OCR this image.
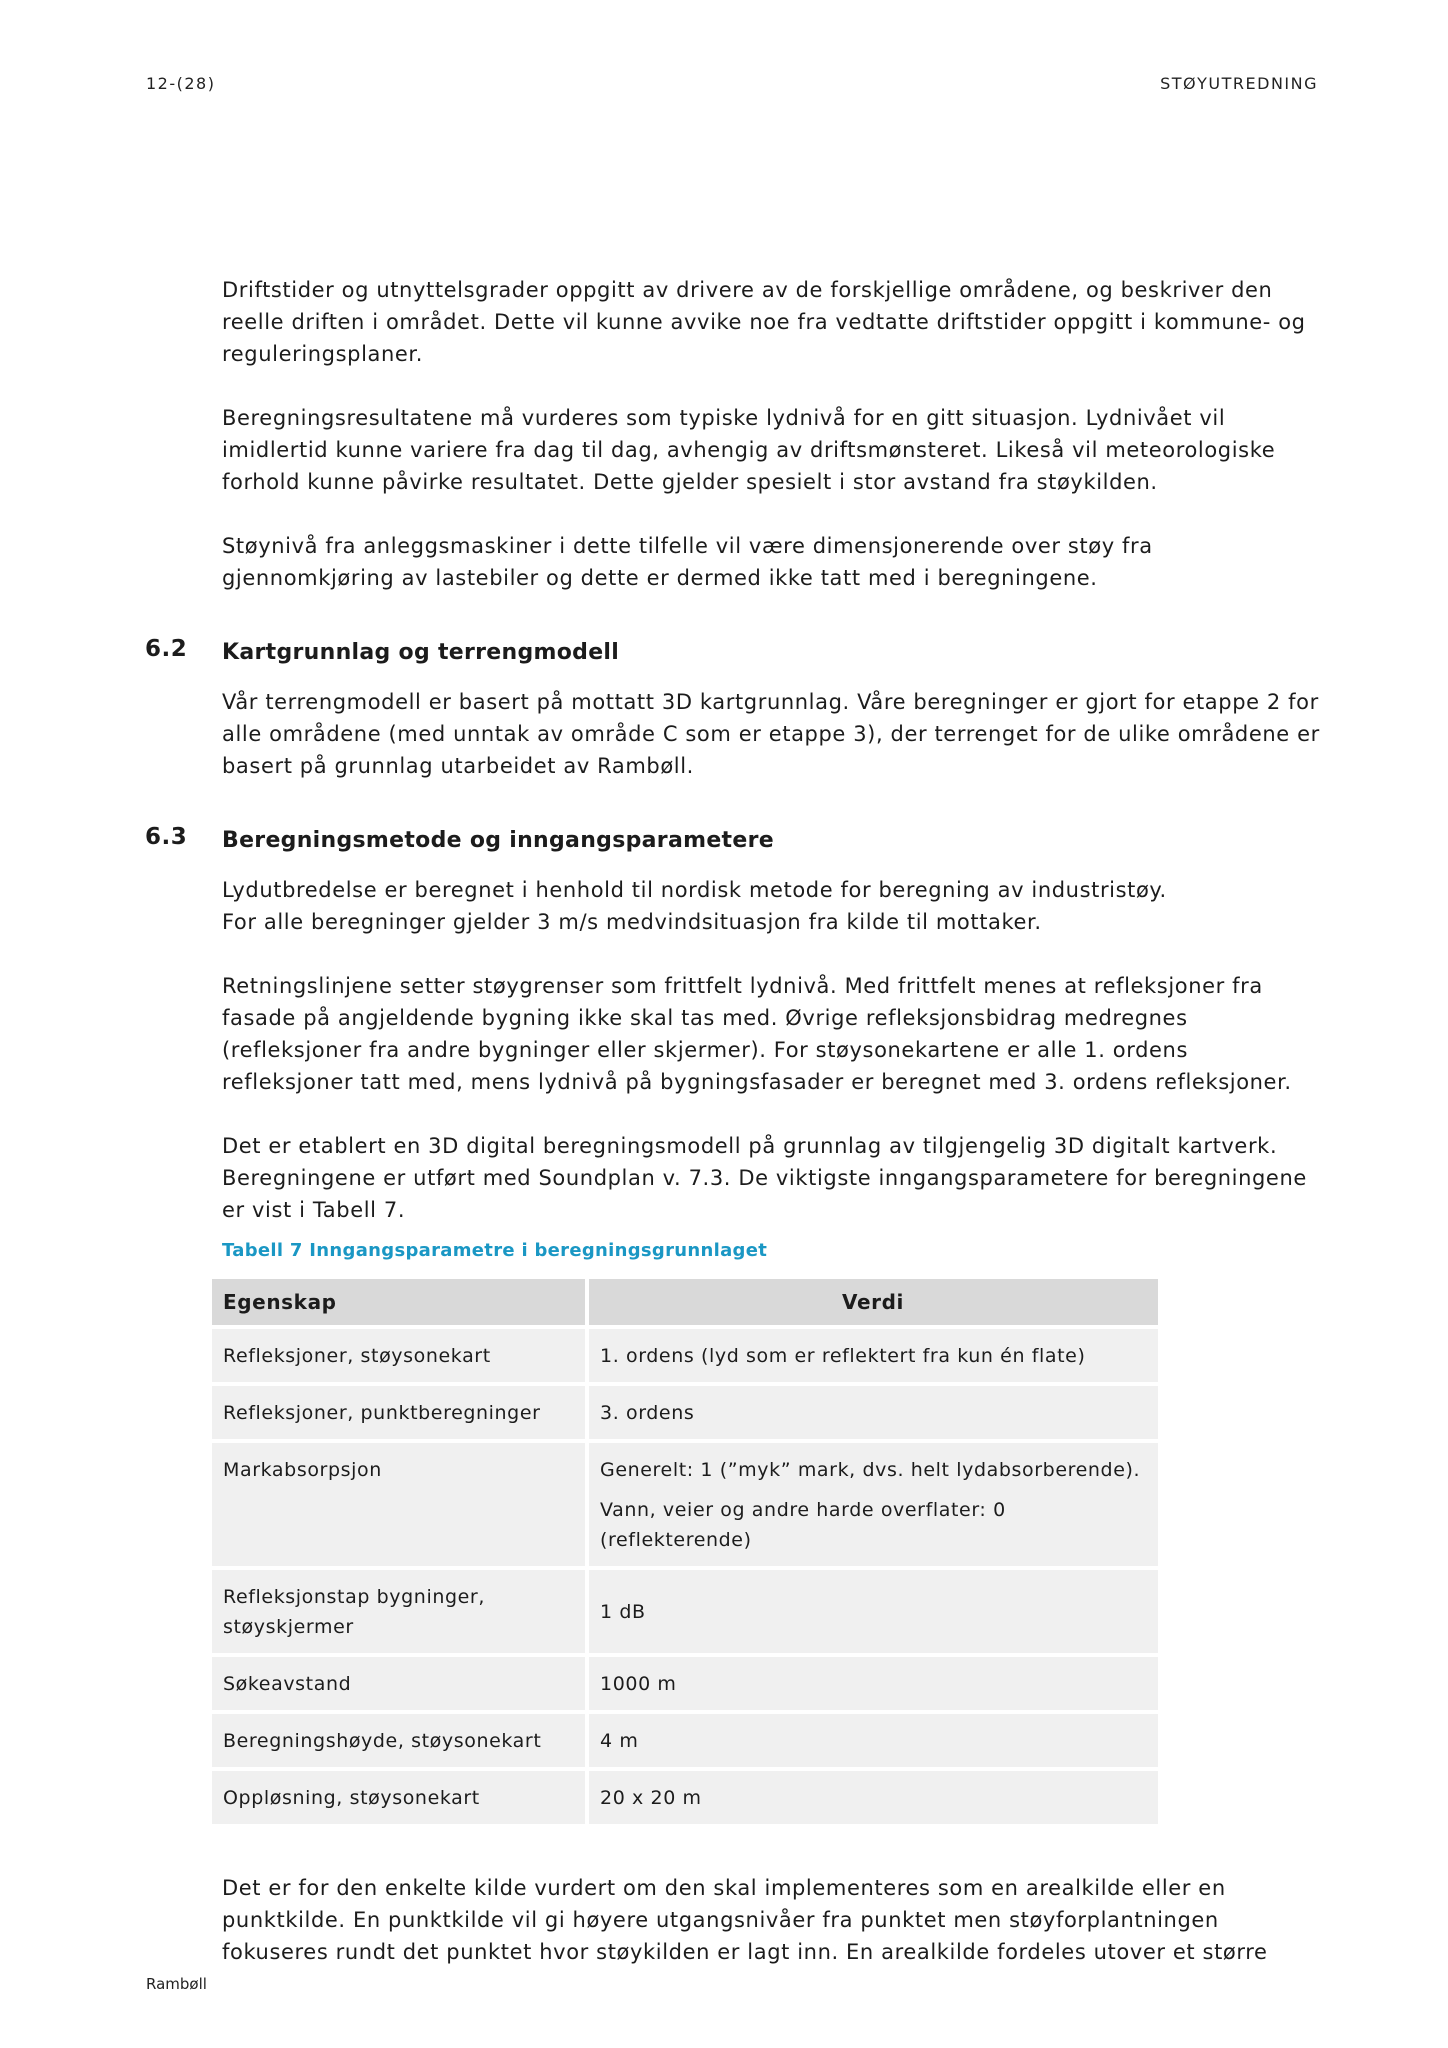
12-(28)	STØYUTREDNING

Driftstider og utnyttelsgrader oppgitt av drivere av de forskjellige områdene, og beskriver den reelle driften i området. Dette vil kunne avvike noe fra vedtatte driftstider oppgitt i kommune- og reguleringsplaner.

Beregningsresultatene må vurderes som typiske lydnivå for en gitt situasjon. Lydnivået vil imidlertid kunne variere fra dag til dag, avhengig av driftsmønsteret. Likeså vil meteorologiske forhold kunne påvirke resultatet. Dette gjelder spesielt i stor avstand fra støykilden.

Støynivå fra anleggsmaskiner i dette tilfelle vil være dimensjonerende over støy fra gjennomkjøring av lastebiler og dette er dermed ikke tatt med i beregningene.

6.2 Kartgrunnlag og terrengmodell

Vår terrengmodell er basert på mottatt 3D kartgrunnlag. Våre beregninger er gjort for etappe 2 for alle områdene (med unntak av område C som er etappe 3), der terrenget for de ulike områdene er basert på grunnlag utarbeidet av Rambøll.

6.3 Beregningsmetode og inngangsparametere

Lydutbredelse er beregnet i henhold til nordisk metode for beregning av industristøy.
For alle beregninger gjelder 3 m/s medvindsituasjon fra kilde til mottaker.

Retningslinjene setter støygrenser som frittfelt lydnivå. Med frittfelt menes at refleksjoner fra fasade på angjeldende bygning ikke skal tas med. Øvrige refleksjonsbidrag medregnes (refleksjoner fra andre bygninger eller skjermer). For støysonekartene er alle 1. ordens refleksjoner tatt med, mens lydnivå på bygningsfasader er beregnet med 3. ordens refleksjoner.

Det er etablert en 3D digital beregningsmodell på grunnlag av tilgjengelig 3D digitalt kartverk. Beregningene er utført med Soundplan v. 7.3. De viktigste inngangsparametere for beregningene er vist i Tabell 7.

Tabell 7 Inngangsparametre i beregningsgrunnlaget
Egenskap	Verdi
Refleksjoner, støysonekart	1. ordens (lyd som er reflektert fra kun én flate)
Refleksjoner, punktberegninger	3. ordens
Markabsorpsjon	Generelt: 1 (”myk” mark, dvs. helt lydabsorberende).
Vann, veier og andre harde overflater: 0 (reflekterende)
Refleksjonstap bygninger, støyskjermer	1 dB
Søkeavstand	1000 m
Beregningshøyde, støysonekart	4 m
Oppløsning, støysonekart	20 x 20 m

Det er for den enkelte kilde vurdert om den skal implementeres som en arealkilde eller en punktkilde. En punktkilde vil gi høyere utgangsnivåer fra punktet men støyforplantningen fokuseres rundt det punktet hvor støykilden er lagt inn. En arealkilde fordeles utover et større

Rambøll
